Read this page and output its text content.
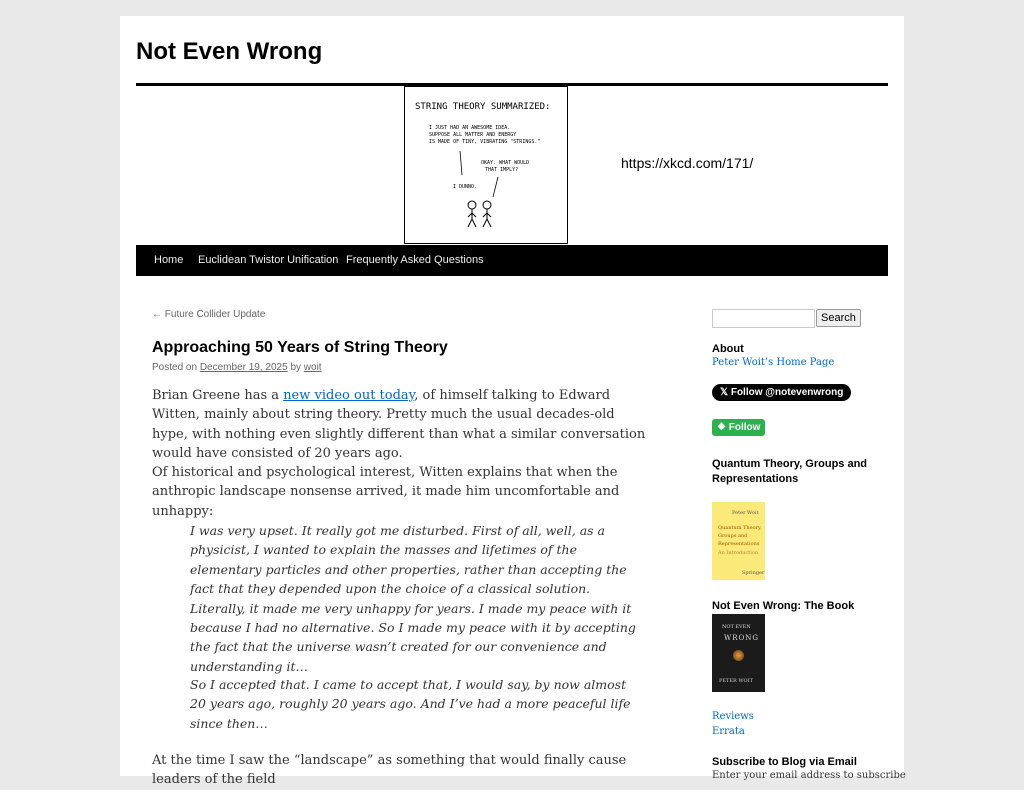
Not Even Wrong
STRING THEORY SUMMARIZED:
I JUST HAD AN AWESOME IDEA.
SUPPOSE ALL MATTER AND ENERGY
IS MADE OF TINY, VIBRATING "STRINGS."
OKAY. WHAT WOULD
THAT IMPLY?
I DUNNO.
https://xkcd.com/171/
Home Euclidean Twistor Unification Frequently Asked Questions
← Future Collider Update
Approaching 50 Years of String Theory
Posted on December 19, 2025 by woit

Brian Greene has a new video out today, of himself talking to Edward Witten, mainly about string theory. Pretty much the usual decades-old hype, with nothing even slightly different than what a similar conversation would have consisted of 20 years ago.

Of historical and psychological interest, Witten explains that when the anthropic landscape nonsense arrived, it made him uncomfortable and unhappy:

I was very upset. It really got me disturbed. First of all, well, as a physicist, I wanted to explain the masses and lifetimes of the elementary particles and other properties, rather than accepting the fact that they depended upon the choice of a classical solution. Literally, it made me very unhappy for years. I made my peace with it because I had no alternative. So I made my peace with it by accepting the fact that the universe wasn’t created for our convenience and understanding it…

So I accepted that. I came to accept that, I would say, by now almost 20 years ago, roughly 20 years ago. And I’ve had a more peaceful life since then…

At the time I saw the “landscape” as something that would finally cause leaders of the field

Search
About
Peter Woit’s Home Page
𝕏 Follow @notevenwrong
❖ Follow
Quantum Theory, Groups and Representations
Peter Woit
Quantum Theory,
Groups and
Representations
An Introduction
Springer
Not Even Wrong: The Book
NOT EVEN
WRONG
PETER WOIT
Reviews
Errata
Subscribe to Blog via Email
Enter your email address to subscribe
